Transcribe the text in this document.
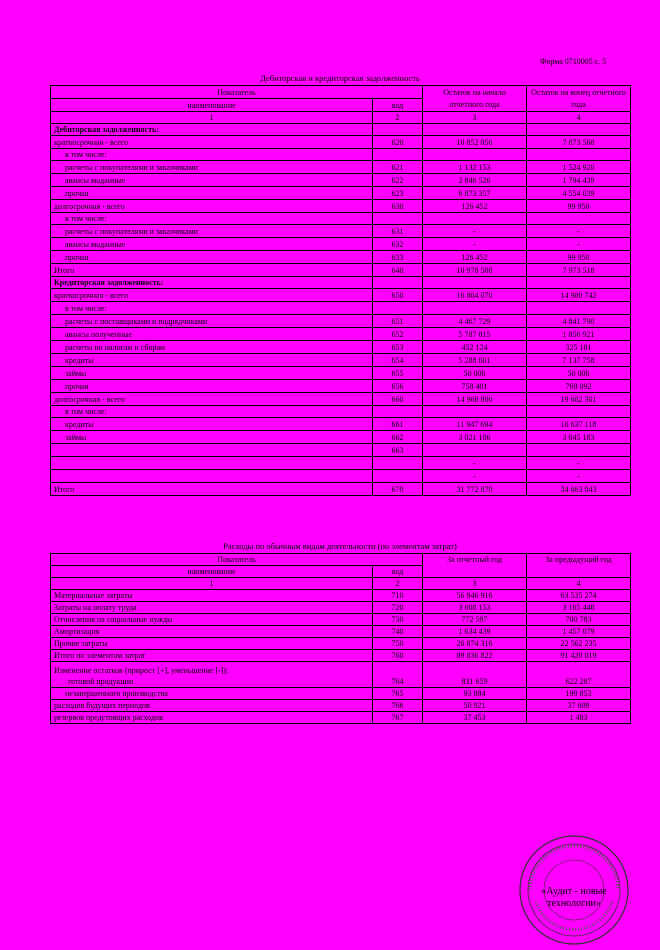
Форма 0710005 с. 5
Дебиторская и кредиторская задолженность
Показатель		Остаток на начало отчетного года	Остаток на конец отчетного года
наименование	код		
1	2	3	4
Дебиторская задолженность:			
краткосрочная - всего	620	10 852 056	7 873 568
в том числе:			
расчеты с покупателями и заказчиками	621	1 132 153	1 524 920
авансы выданные	622	2 846 526	1 794 439
прочая	623	6 873 357	4 554 039
долгосрочная - всего	630	126 452	99 950
в том числе:			
расчеты с покупателями и заказчиками	631	-	-
авансы выданные	632	-	-
прочая	633	126 452	99 950
Итого	640	10 978 508	7 973 518
Кредиторская задолженность:			
краткосрочная - всего	650	16 804 070	14 980 742
в том числе:			
расчеты с поставщиками и подрядчиками	651	4 467 729	4 841 790
авансы полученные	652	5 787 815	1 856 921
расчеты по налогам и сборам	653	452 124	325 181
кредиты	654	5 288 001	7 137 758
займы	655	50 000	50 000
прочая	656	758 401	769 092
долгосрочная - всего	660	14 968 800	19 682 301
в том числе:			
кредиты	661	11 947 694	16 637 118
займы	662	3 021 106	3 045 183
	663		
		-	-
		-	-
Итого	670	31 772 870	34 663 043
Расходы по обычным видам деятельности (по элементам затрат)
Показатель		За отчетный год	За предыдущий год
наименование	код		
1	2	3	4
Материальные затраты	710	56 946 916	63 535 274
Затраты на оплату труда	720	3 608 153	3 165 448
Отчисления на социальные нужды	730	772 597	700 783
Амортизация	740	1 634 439	1 457 079
Прочие затраты	750	26 874 316	22 562 235
Итого по элементам затрат	760	89 836 822	91 420 819

Изменение остатков (прирост [+], уменьшение [-]):
готовой продукции	764	831 659	622 287
незавершенного производства	765	93 884	199 853
расходов будущих периодов	766	50 921	37 609
резервов предстоящих расходов	767	37 453	1 483
«Аудит - новые
технологии»
